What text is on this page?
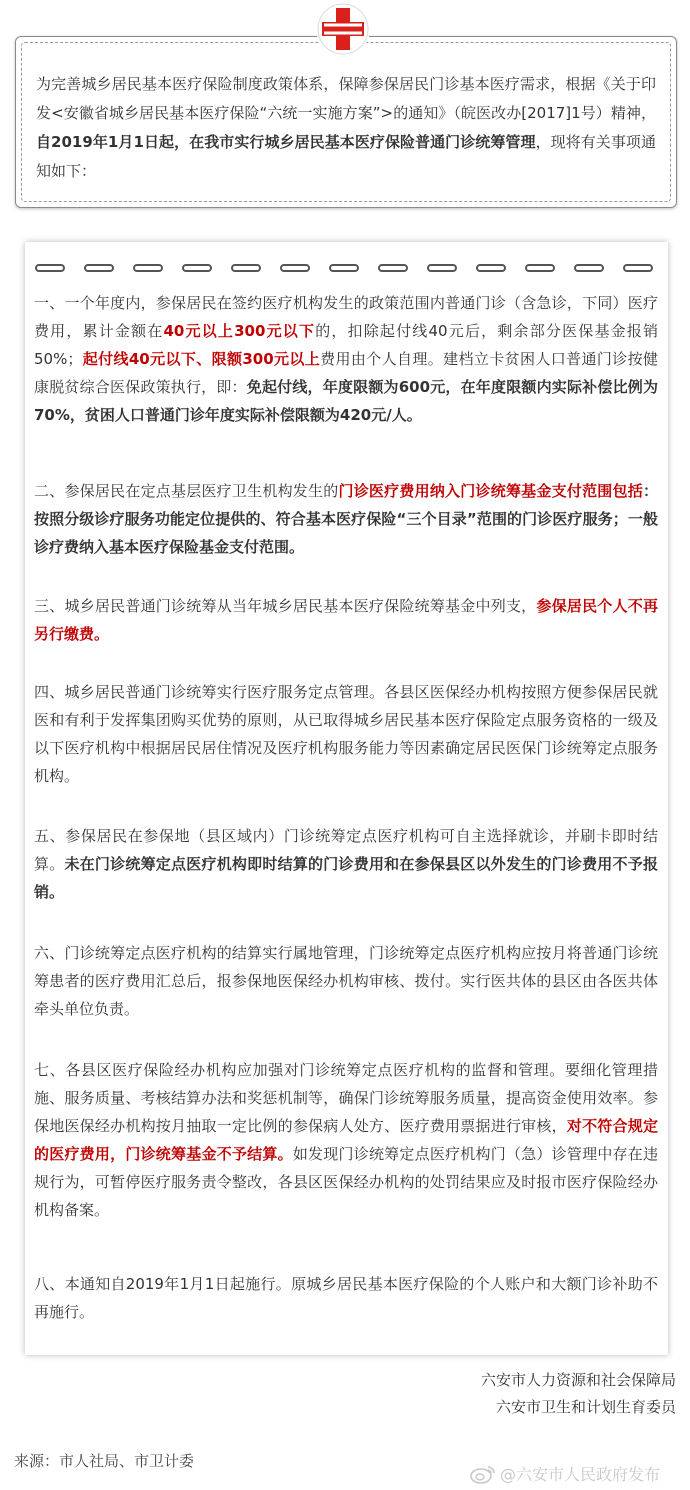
为完善城乡居民基本医疗保险制度政策体系，保障参保居民门诊基本医疗需求，根据《关于印发<安徽省城乡居民基本医疗保险“六统一实施方案”>的通知》（皖医改办[2017]1号）精神，自2019年1月1日起，在我市实行城乡居民基本医疗保险普通门诊统筹管理，现将有关事项通知如下：

一、一个年度内，参保居民在签约医疗机构发生的政策范围内普通门诊（含急诊，下同）医疗费用，累计金额在40元以上300元以下的，扣除起付线40元后，剩余部分医保基金报销50%；起付线40元以下、限额300元以上费用由个人自理。建档立卡贫困人口普通门诊按健康脱贫综合医保政策执行，即：免起付线，年度限额为600元，在年度限额内实际补偿比例为70%，贫困人口普通门诊年度实际补偿限额为420元/人。

二、参保居民在定点基层医疗卫生机构发生的门诊医疗费用纳入门诊统筹基金支付范围包括：按照分级诊疗服务功能定位提供的、符合基本医疗保险“三个目录”范围的门诊医疗服务；一般诊疗费纳入基本医疗保险基金支付范围。

三、城乡居民普通门诊统筹从当年城乡居民基本医疗保险统筹基金中列支，参保居民个人不再另行缴费。

四、城乡居民普通门诊统筹实行医疗服务定点管理。各县区医保经办机构按照方便参保居民就医和有利于发挥集团购买优势的原则，从已取得城乡居民基本医疗保险定点服务资格的一级及以下医疗机构中根据居民居住情况及医疗机构服务能力等因素确定居民医保门诊统筹定点服务机构。

五、参保居民在参保地（县区域内）门诊统筹定点医疗机构可自主选择就诊，并刷卡即时结算。未在门诊统筹定点医疗机构即时结算的门诊费用和在参保县区以外发生的门诊费用不予报销。

六、门诊统筹定点医疗机构的结算实行属地管理，门诊统筹定点医疗机构应按月将普通门诊统筹患者的医疗费用汇总后，报参保地医保经办机构审核、拨付。实行医共体的县区由各医共体牵头单位负责。

七、各县区医疗保险经办机构应加强对门诊统筹定点医疗机构的监督和管理。要细化管理措施、服务质量、考核结算办法和奖惩机制等，确保门诊统筹服务质量，提高资金使用效率。参保地医保经办机构按月抽取一定比例的参保病人处方、医疗费用票据进行审核，对不符合规定的医疗费用，门诊统筹基金不予结算。如发现门诊统筹定点医疗机构门（急）诊管理中存在违规行为，可暂停医疗服务责令整改，各县区医保经办机构的处罚结果应及时报市医疗保险经办机构备案。

八、本通知自2019年1月1日起施行。原城乡居民基本医疗保险的个人账户和大额门诊补助不再施行。

六安市人力资源和社会保障局

六安市卫生和计划生育委员

来源：市人社局、市卫计委

@六安市人民政府发布
